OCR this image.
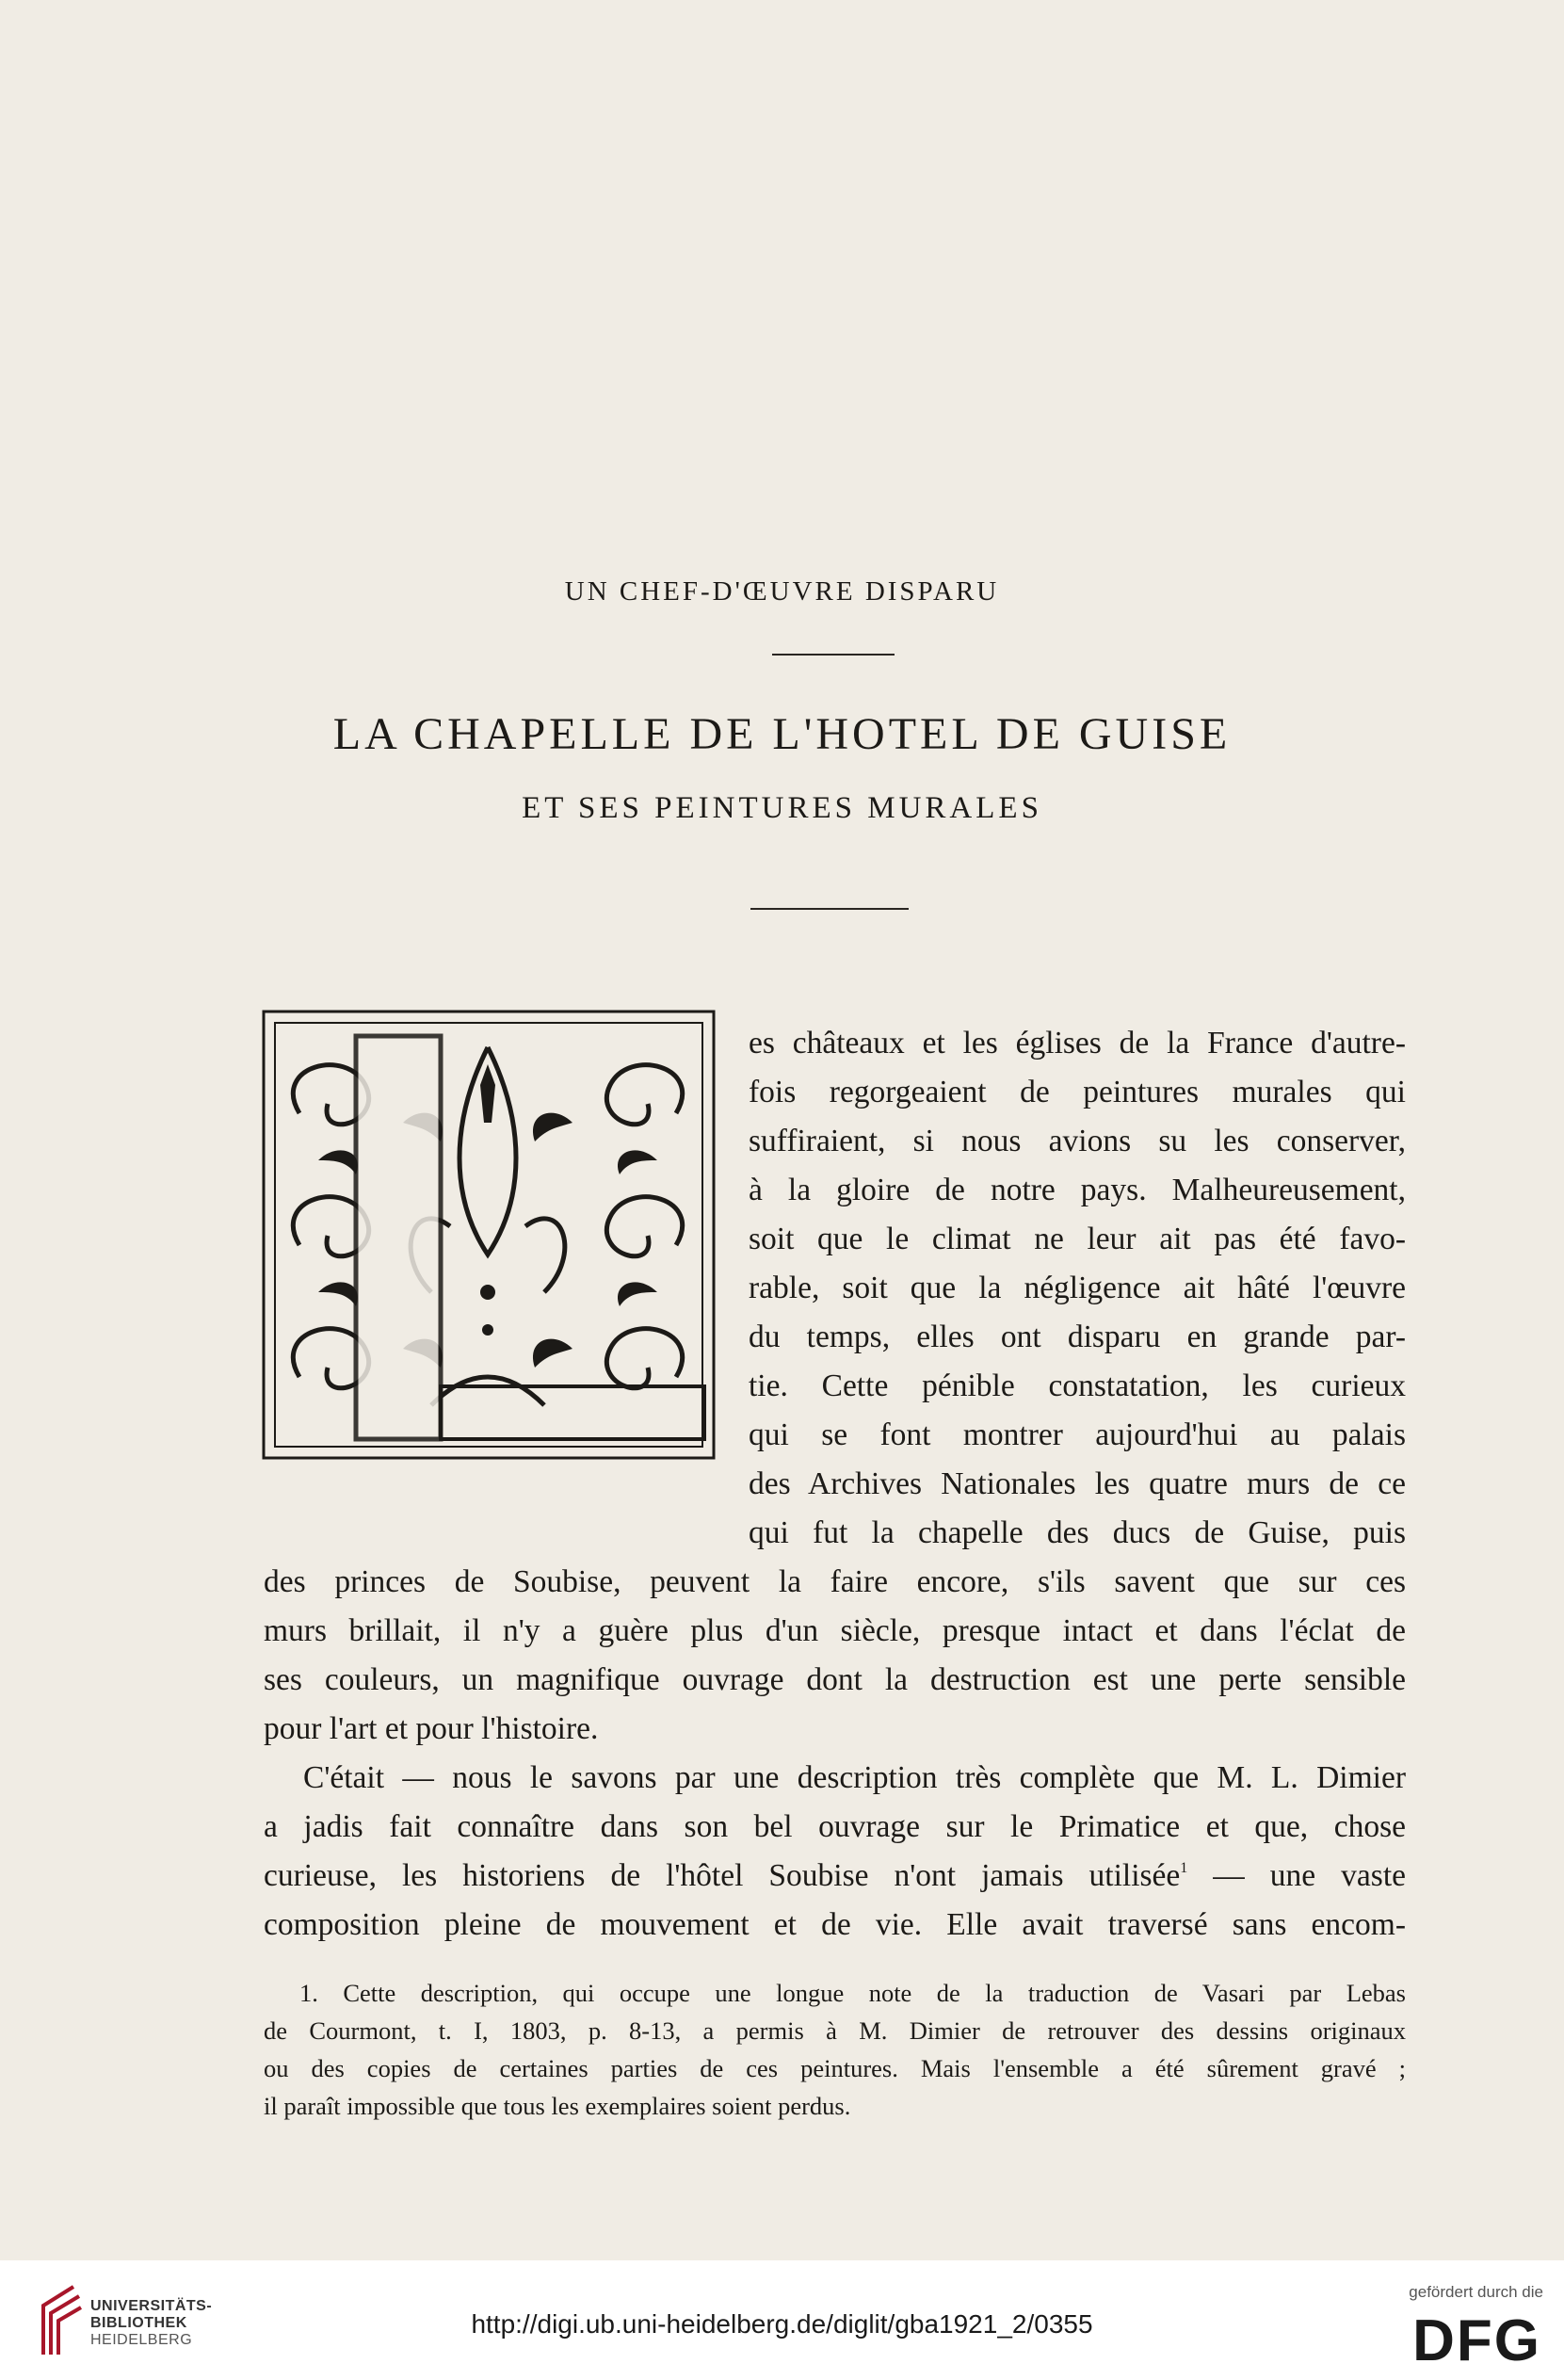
UN CHEF-D'ŒUVRE DISPARU
LA CHAPELLE DE L'HOTEL DE GUISE
ET SES PEINTURES MURALES
es châteaux et les églises de la France d'autre-
fois regorgeaient de peintures murales qui
suffiraient, si nous avions su les conserver,
à la gloire de notre pays. Malheureusement,
soit que le climat ne leur ait pas été favo-
rable, soit que la négligence ait hâté l'œuvre
du temps, elles ont disparu en grande par-
tie. Cette pénible constatation, les curieux
qui se font montrer aujourd'hui au palais
des Archives Nationales les quatre murs de ce
qui fut la chapelle des ducs de Guise, puis
des princes de Soubise, peuvent la faire encore, s'ils savent que sur ces
murs brillait, il n'y a guère plus d'un siècle, presque intact et dans l'éclat de
ses couleurs, un magnifique ouvrage dont la destruction est une perte sensible
pour l'art et pour l'histoire.
C'était — nous le savons par une description très complète que M. L. Dimier
a jadis fait connaître dans son bel ouvrage sur le Primatice et que, chose
curieuse, les historiens de l'hôtel Soubise n'ont jamais utilisée$^1$ — une vaste
composition pleine de mouvement et de vie. Elle avait traversé sans encom-
1. Cette description, qui occupe une longue note de la traduction de Vasari par Lebas
de Courmont, t. I, 1803, p. 8-13, a permis à M. Dimier de retrouver des dessins originaux
ou des copies de certaines parties de ces peintures. Mais l'ensemble a été sûrement gravé ;
il paraît impossible que tous les exemplaires soient perdus.
UNIVERSITÄTS-
BIBLIOTHEK
HEIDELBERG
http://digi.ub.uni-heidelberg.de/diglit/gba1921_2/0355
gefördert durch die
DFG
